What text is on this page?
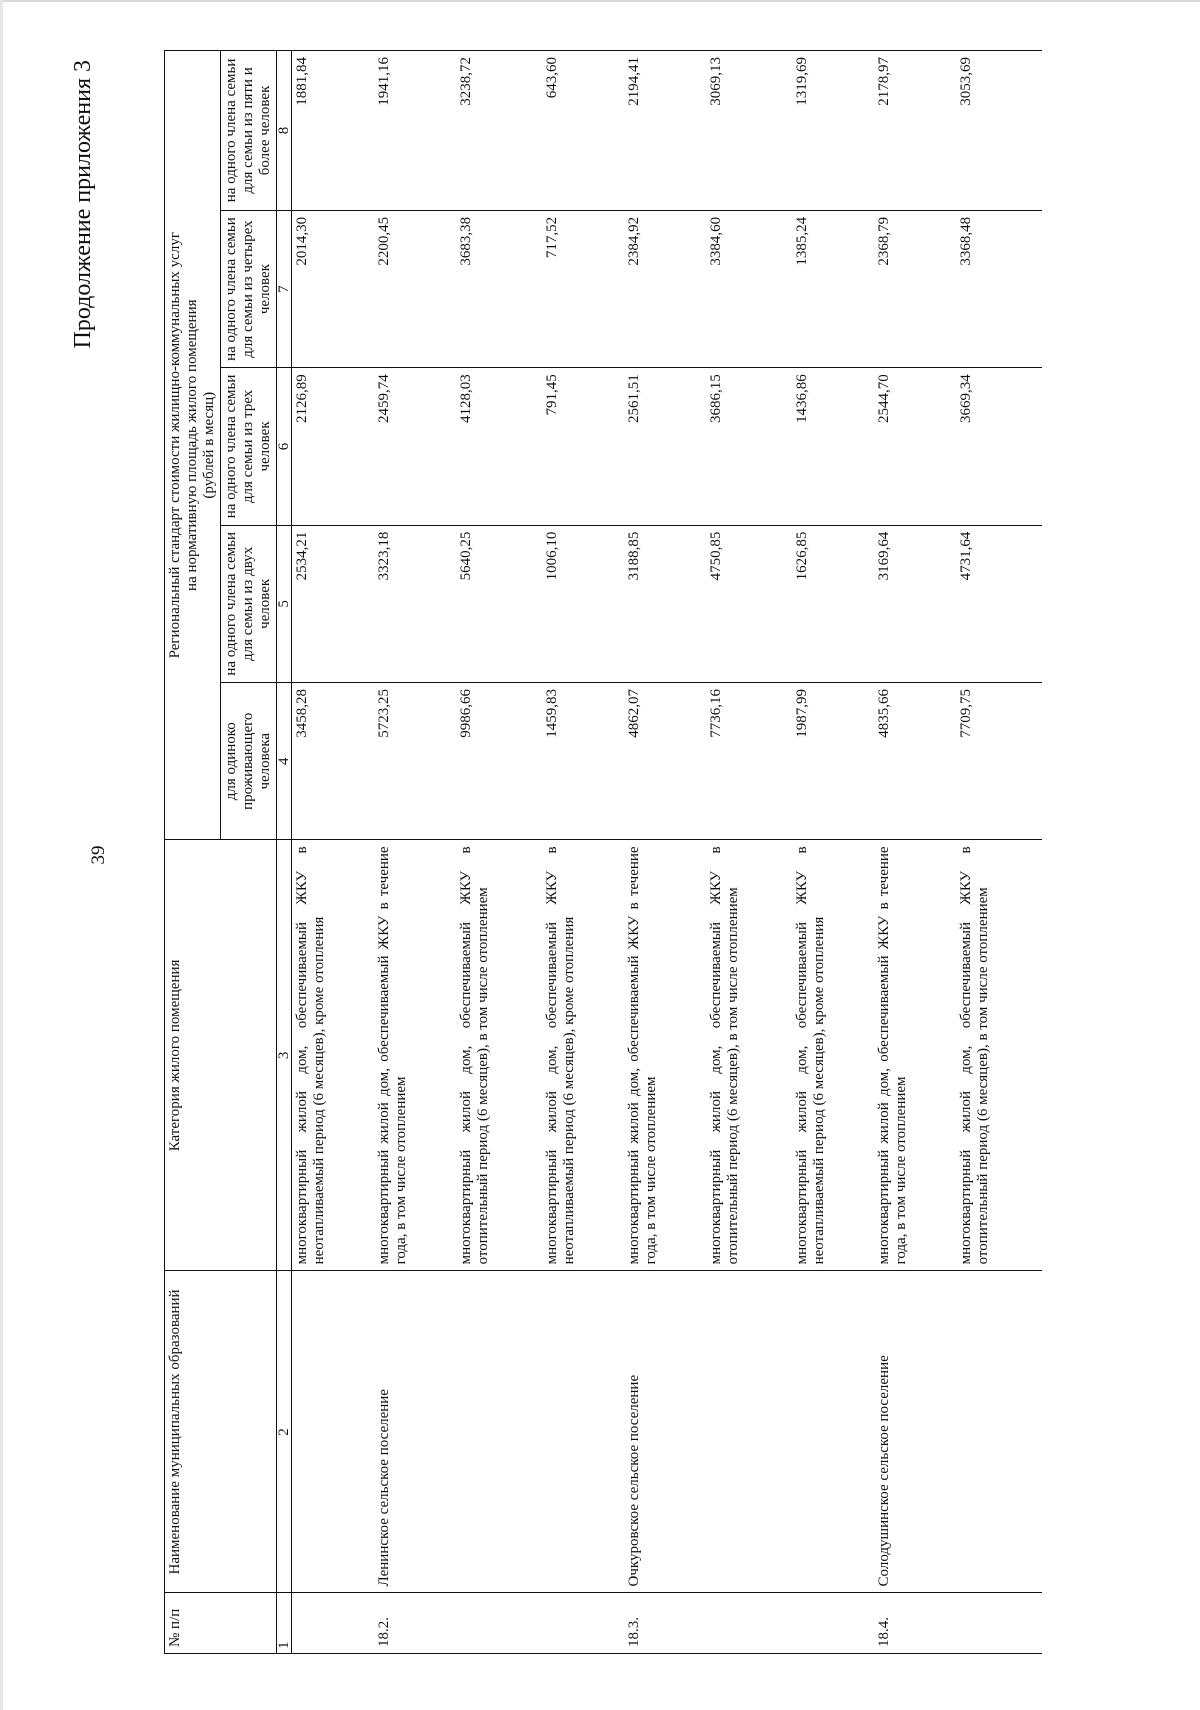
39
Продолжение приложения 3
№ п/п	Наименование муниципальных образований	Категория жилого помещения	Региональный стандарт стоимости жилищно-коммунальных услуг на нормативную площадь жилого помещения (рублей в месяц)				

			для одиноко проживающего человека	на одного члена семьи для семьи из двух человек	на одного члена семьи для семьи из трех человек	на одного члена семьи для семьи из четырех человек	на одного члена семьи для семьи из пяти и более человек
1	2	3	4	5	6	7	8
		многоквартирный жилой дом, обеспечиваемый ЖКУ в неотапливаемый период (6 месяцев), кроме отопления	3458,28	2534,21	2126,89	2014,30	1881,84
18.2.	Ленинское сельское поселение	многоквартирный жилой дом, обеспечиваемый ЖКУ в течение года, в том числе отоплением	5723,25	3323,18	2459,74	2200,45	1941,16
		многоквартирный жилой дом, обеспечиваемый ЖКУ в отопительный период (6 месяцев), в том числе отоплением	9986,66	5640,25	4128,03	3683,38	3238,72
		многоквартирный жилой дом, обеспечиваемый ЖКУ в неотапливаемый период (6 месяцев), кроме отопления	1459,83	1006,10	791,45	717,52	643,60
18.3.	Очкуровское сельское поселение	многоквартирный жилой дом, обеспечиваемый ЖКУ в течение года, в том числе отоплением	4862,07	3188,85	2561,51	2384,92	2194,41
		многоквартирный жилой дом, обеспечиваемый ЖКУ в отопительный период (6 месяцев), в том числе отоплением	7736,16	4750,85	3686,15	3384,60	3069,13
		многоквартирный жилой дом, обеспечиваемый ЖКУ в неотапливаемый период (6 месяцев), кроме отопления	1987,99	1626,85	1436,86	1385,24	1319,69
18.4.	Солодушинское сельское поселение	многоквартирный жилой дом, обеспечиваемый ЖКУ в течение года, в том числе отоплением	4835,66	3169,64	2544,70	2368,79	2178,97
		многоквартирный жилой дом, обеспечиваемый ЖКУ в отопительный период (6 месяцев), в том числе отоплением	7709,75	4731,64	3669,34	3368,48	3053,69
